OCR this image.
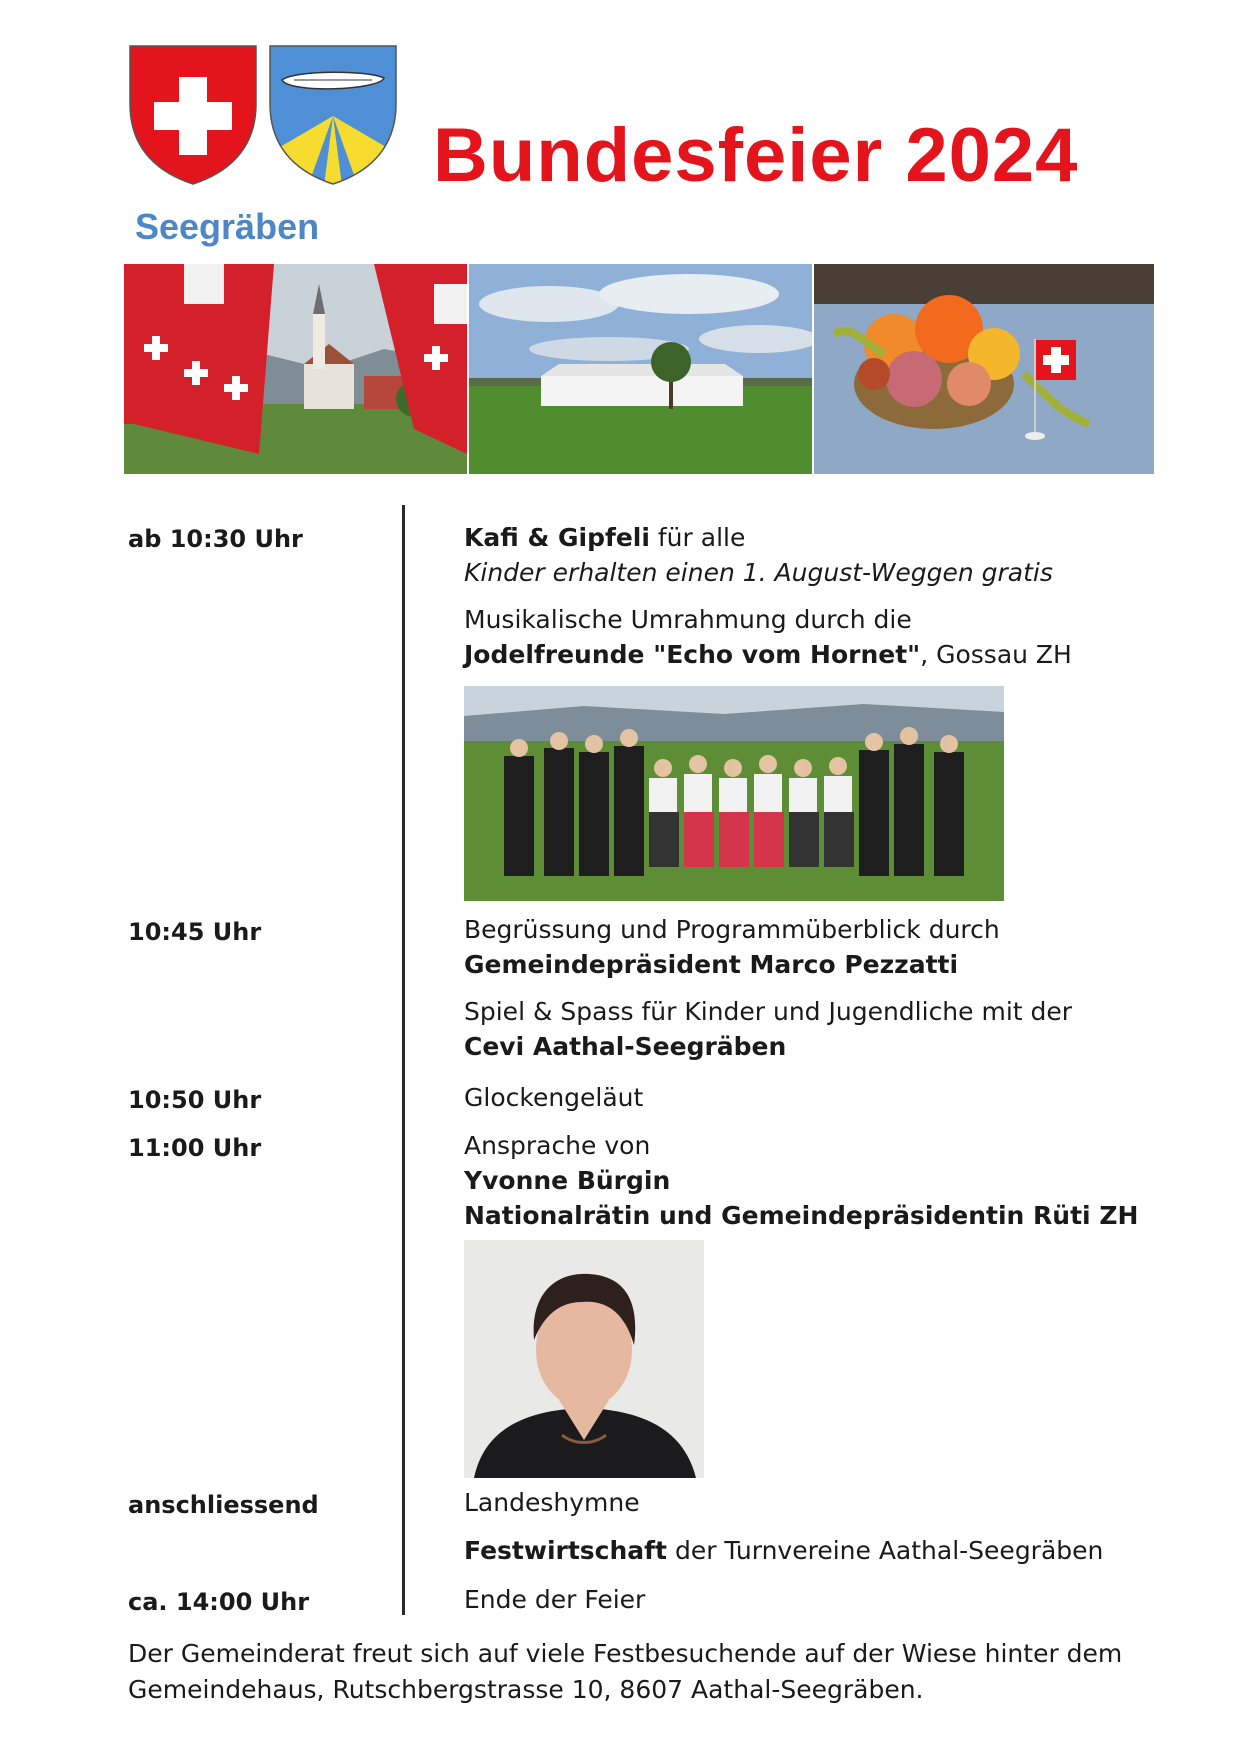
Bundesfeier 2024
Seegräben
ab 10:30 Uhr
10:45 Uhr
10:50 Uhr
11:00 Uhr
anschliessend
ca. 14:00 Uhr
Kafi & Gipfeli für alle
Kinder erhalten einen 1. August-Weggen gratis
Musikalische Umrahmung durch die
Jodelfreunde "Echo vom Hornet", Gossau ZH
Begrüssung und Programmüberblick durch
Gemeindepräsident Marco Pezzatti
Spiel & Spass für Kinder und Jugendliche mit der
Cevi Aathal-Seegräben
Glockengeläut
Ansprache von
Yvonne Bürgin
Nationalrätin und Gemeindepräsidentin Rüti ZH
Landeshymne
Festwirtschaft der Turnvereine Aathal-Seegräben
Ende der Feier
Der Gemeinderat freut sich auf viele Festbesuchende auf der Wiese hinter dem
Gemeindehaus, Rutschbergstrasse 10, 8607 Aathal-Seegräben.
